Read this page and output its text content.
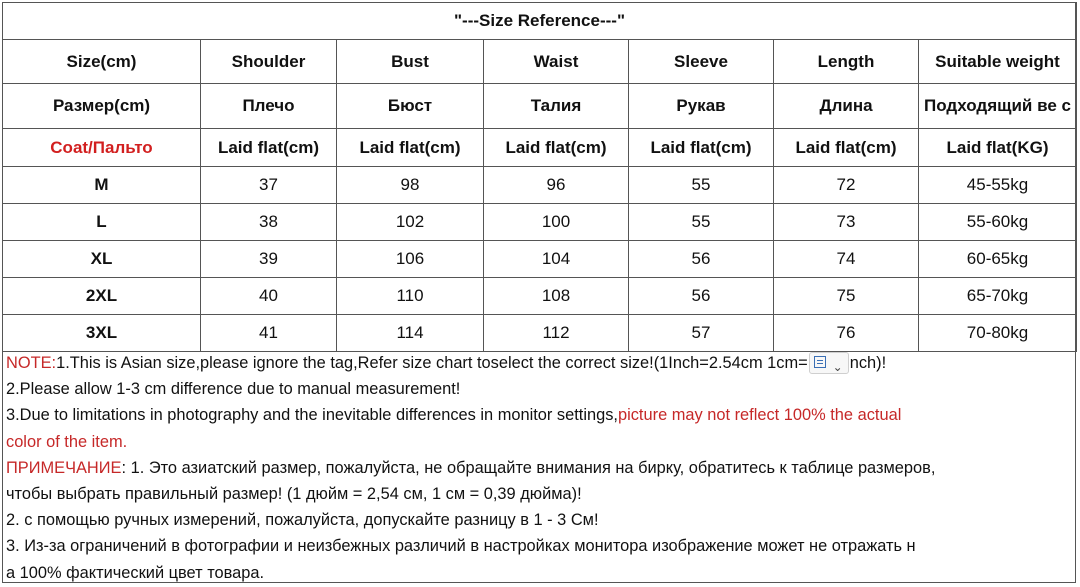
"---Size Reference---"						
Size(cm)	Shoulder	Bust	Waist	Sleeve	Length	Suitable weight
Размер(cm)	Плечо	Бюст	Талия	Рукав	Длина	Подходящий ве с
Coat/Пальто	Laid flat(cm)	Laid flat(cm)	Laid flat(cm)	Laid flat(cm)	Laid flat(cm)	Laid flat(KG)
M	37	98	96	55	72	45-55kg
L	38	102	100	55	73	55-60kg
XL	39	106	104	56	74	60-65kg
2XL	40	110	108	56	75	65-70kg
3XL	41	114	112	57	76	70-80kg
NOTE:1.This is Asian size,please ignore the tag,Refer size chart toselect the correct size!(1Inch=2.54cm 1cm= ⌄ nch)!
2.Please allow 1-3 cm difference due to manual measurement!
3.Due to limitations in photography and the inevitable differences in monitor settings,picture may not reflect 100% the actual
color of the item.
ПРИМЕЧАНИЕ: 1. Это азиатский размер, пожалуйста, не обращайте внимания на бирку, обратитесь к таблице размеров,
чтобы выбрать правильный размер! (1 дюйм = 2,54 см, 1 см = 0,39 дюйма)!
2. с помощью ручных измерений, пожалуйста, допускайте разницу в 1 - 3 См!
3. Из-за ограничений в фотографии и неизбежных различий в настройках монитора изображение может не отражать н
а 100% фактический цвет товара.
